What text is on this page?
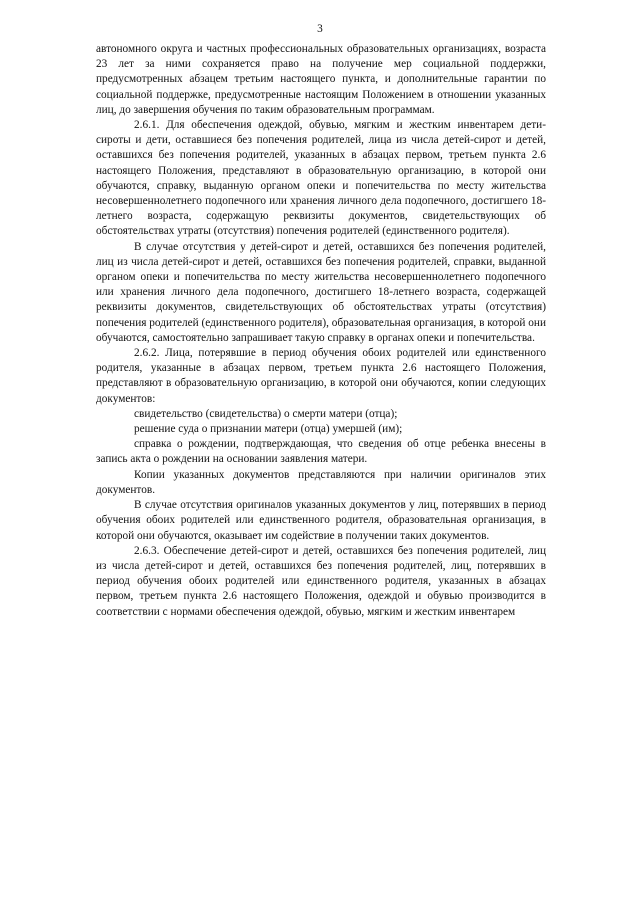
3

автономного округа и частных профессиональных образовательных организациях, возраста 23 лет за ними сохраняется право на получение мер социальной поддержки, предусмотренных абзацем третьим настоящего пункта, и дополнительные гарантии по социальной поддержке, предусмотренные настоящим Положением в отношении указанных лиц, до завершения обучения по таким образовательным программам.

2.6.1. Для обеспечения одеждой, обувью, мягким и жестким инвентарем дети-сироты и дети, оставшиеся без попечения родителей, лица из числа детей-сирот и детей, оставшихся без попечения родителей, указанных в абзацах первом, третьем пункта 2.6 настоящего Положения, представляют в образовательную организацию, в которой они обучаются, справку, выданную органом опеки и попечительства по месту жительства несовершеннолетнего подопечного или хранения личного дела подопечного, достигшего 18-летнего возраста, содержащую реквизиты документов, свидетельствующих об обстоятельствах утраты (отсутствия) попечения родителей (единственного родителя).

В случае отсутствия у детей-сирот и детей, оставшихся без попечения родителей, лиц из числа детей-сирот и детей, оставшихся без попечения родителей, справки, выданной органом опеки и попечительства по месту жительства несовершеннолетнего подопечного или хранения личного дела подопечного, достигшего 18-летнего возраста, содержащей реквизиты документов, свидетельствующих об обстоятельствах утраты (отсутствия) попечения родителей (единственного родителя), образовательная организация, в которой они обучаются, самостоятельно запрашивает такую справку в органах опеки и попечительства.

2.6.2. Лица, потерявшие в период обучения обоих родителей или единственного родителя, указанные в абзацах первом, третьем пункта 2.6 настоящего Положения, представляют в образовательную организацию, в которой они обучаются, копии следующих документов:

свидетельство (свидетельства) о смерти матери (отца);

решение суда о признании матери (отца) умершей (им);

справка о рождении, подтверждающая, что сведения об отце ребенка внесены в запись акта о рождении на основании заявления матери.

Копии указанных документов представляются при наличии оригиналов этих документов.

В случае отсутствия оригиналов указанных документов у лиц, потерявших в период обучения обоих родителей или единственного родителя, образовательная организация, в которой они обучаются, оказывает им содействие в получении таких документов.

2.6.3. Обеспечение детей-сирот и детей, оставшихся без попечения родителей, лиц из числа детей-сирот и детей, оставшихся без попечения родителей, лиц, потерявших в период обучения обоих родителей или единственного родителя, указанных в абзацах первом, третьем пункта 2.6 настоящего Положения, одеждой и обувью производится в соответствии с нормами обеспечения одеждой, обувью, мягким и жестким инвентарем
